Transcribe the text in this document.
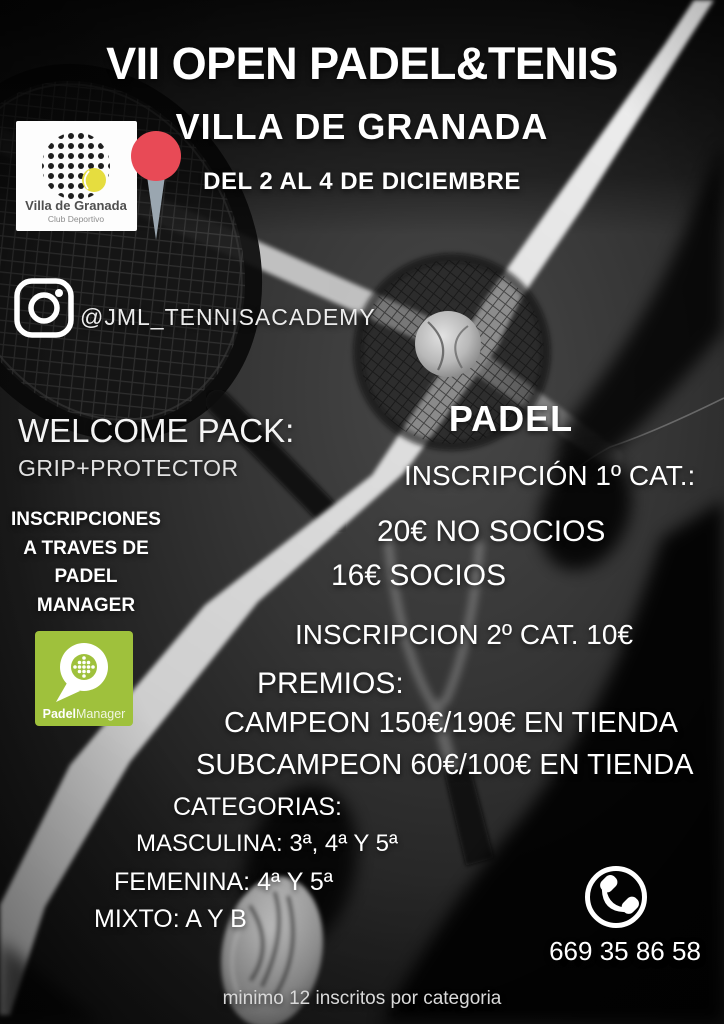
VII OPEN PADEL&TENIS
VILLA DE GRANADA
DEL 2 AL 4 DE DICIEMBRE
Villa de Granada
Club Deportivo
@JML_TENNISACADEMY
WELCOME PACK:
GRIP+PROTECTOR
INSCRIPCIONES
A TRAVES DE
PADEL
MANAGER
PadelManager
PADEL
INSCRIPCIÓN 1º CAT.:
20€ NO SOCIOS
16€ SOCIOS
INSCRIPCION 2º CAT. 10€
PREMIOS:
CAMPEON 150€/190€ EN TIENDA
SUBCAMPEON 60€/100€ EN TIENDA
CATEGORIAS:
MASCULINA: 3ª, 4ª Y 5ª
FEMENINA: 4ª Y 5ª
MIXTO: A Y B
669 35 86 58
minimo 12 inscritos por categoria
